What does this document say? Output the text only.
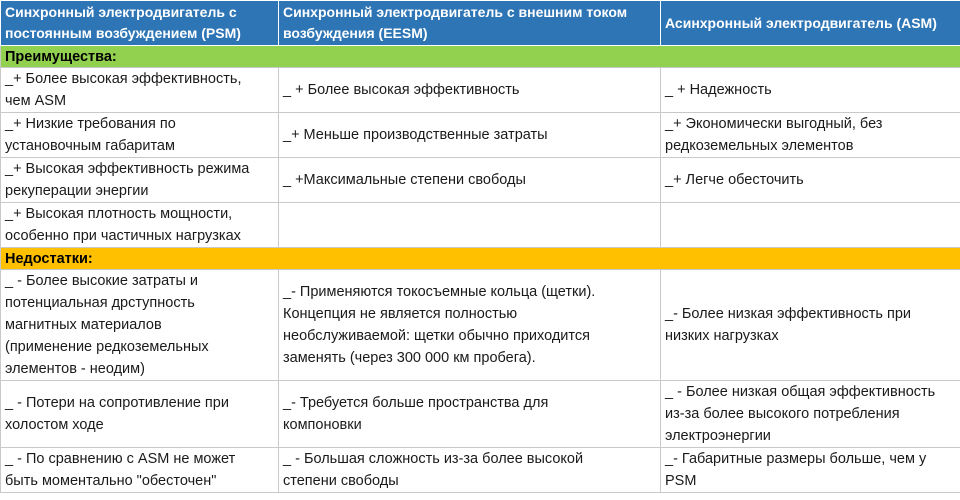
Синхронный электродвигатель с постоянным возбуждением (PSM)	Синхронный электродвигатель с внешним током возбуждения (EESM)	Асинхронный электродвигатель (ASM)
Преимущества:		

_+ Более высокая эффективность,
чем ASM	_ + Более высокая эффективность	_ + Надежность

_+ Низкие требования по
установочным габаритам	_+ Меньше производственные затраты	_+ Экономически выгодный, без
редкоземельных элементов

_+ Высокая эффективность режима
рекуперации энергии	_ +Максимальные степени свободы	_+ Легче обесточить

_+ Высокая плотность мощности,
особенно при частичных нагрузках		

Недостатки:		

_ - Более высокие затраты и
потенциальная дрступность
магнитных материалов
(применение редкоземельных
элементов - неодим)	_- Применяются токосъемные кольца (щетки).
Концепция не является полностью
необслуживаемой: щетки обычно приходится
заменять (через 300 000 км пробега).	_- Более низкая эффективность при
низких нагрузках

_ - Потери на сопротивление при
холостом ходе	_- Требуется больше пространства для
компоновки	_ - Более низкая общая эффективность
из-за более высокого потребления
электроэнергии

_ - По сравнению с ASM не может
быть моментально "обесточен"	_ - Большая сложность из-за более высокой
степени свободы	_- Габаритные размеры больше, чем у
PSM
